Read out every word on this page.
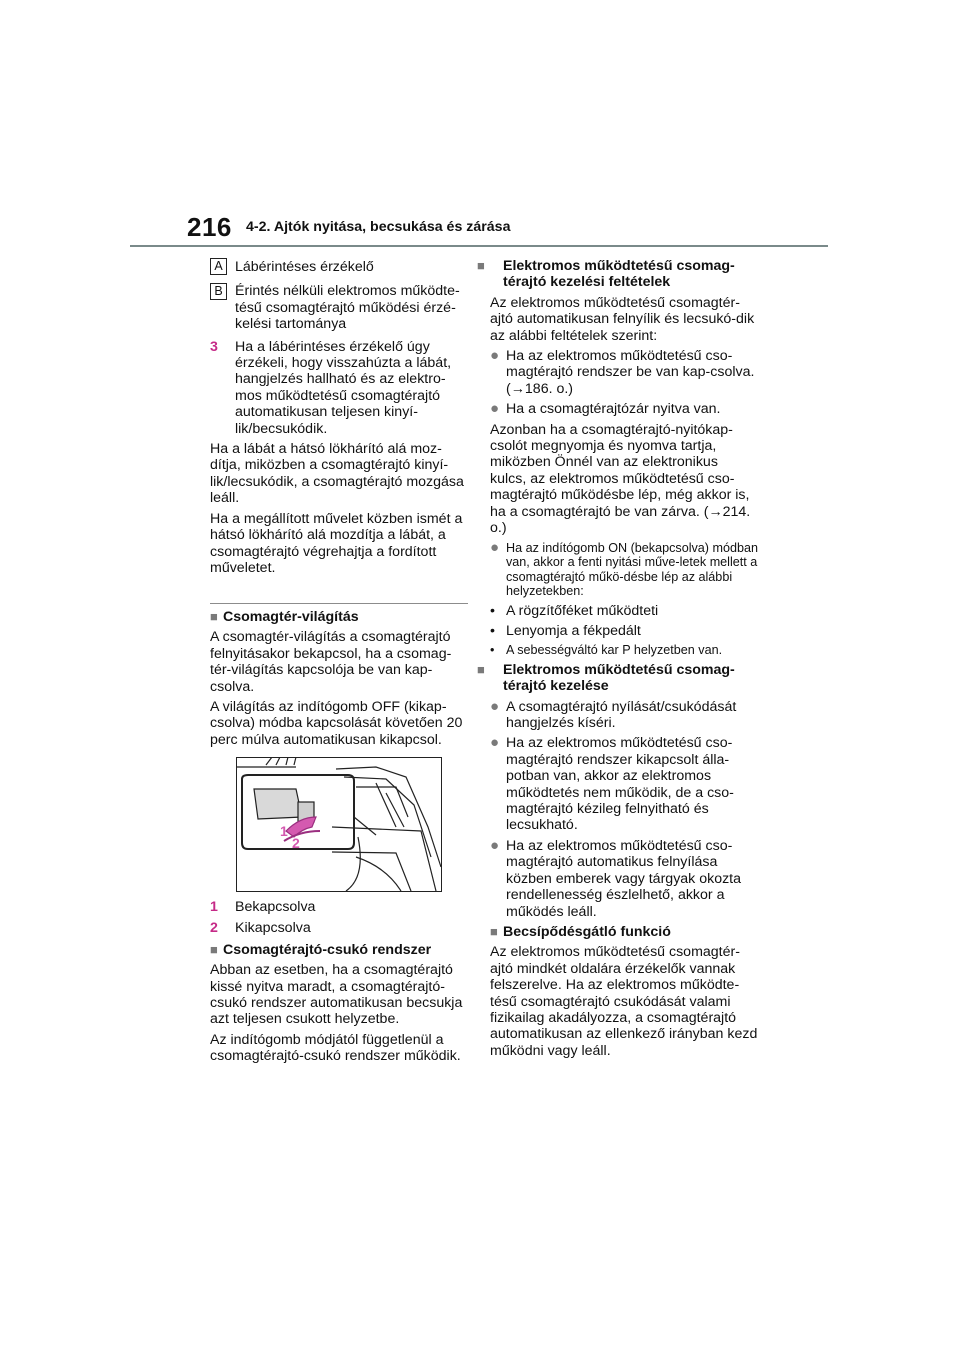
216 4-2. Ajtók nyitása, becsukása és zárása
A Lábérintéses érzékelő
B Érintés nélküli elektromos működte-tésű csomagtérajtó működési érzé-kelési tartománya
3 Ha a lábérintéses érzékelő úgy érzékeli, hogy visszahúzta a lábát, hangjelzés hallható és az elektro-mos működtetésű csomagtérajtó automatikusan teljesen kinyí-lik/becsukódik.

Ha a lábát a hátsó lökhárító alá moz-dítja, miközben a csomagtérajtó kinyí-lik/lecsukódik, a csomagtérajtó mozgása leáll.

Ha a megállított művelet közben ismét a hátsó lökhárító alá mozdítja a lábát, a csomagtérajtó végrehajtja a fordított műveletet.

■ Csomagtér-világítás

A csomagtér-világítás a csomagtérajtó felnyitásakor bekapcsol, ha a csomag-tér-világítás kapcsolója be van kap-csolva.

A világítás az indítógomb OFF (kikap-csolva) módba kapcsolását követően 20 perc múlva automatikusan kikapcsol.

1
2
1 Bekapcsolva
2 Kikapcsolva

■ Csomagtérajtó-csukó rendszer

Abban az esetben, ha a csomagtérajtó kissé nyitva maradt, a csomagtérajtó-csukó rendszer automatikusan becsukja azt teljesen csukott helyzetbe.

Az indítógomb módjától függetlenül a csomagtérajtó-csukó rendszer működik.

■ Elektromos működtetésű csomag-térajtó kezelési feltételek

Az elektromos működtetésű csomagtér-ajtó automatikusan felnyílik és lecsukó-dik az alábbi feltételek szerint:

● Ha az elektromos működtetésű cso-magtérajtó rendszer be van kap-csolva. (→186. o.)
● Ha a csomagtérajtózár nyitva van.

Azonban ha a csomagtérajtó-nyitókap-csolót megnyomja és nyomva tartja, miközben Önnél van az elektronikus kulcs, az elektromos működtetésű cso-magtérajtó működésbe lép, még akkor is, ha a csomagtérajtó be van zárva. (→214. o.)

● Ha az indítógomb ON (bekapcsolva) módban van, akkor a fenti nyitási műve-letek mellett a csomagtérajtó műkö-désbe lép az alábbi helyzetekben:
• A rögzítőféket működteti
• Lenyomja a fékpedált
• A sebességváltó kar P helyzetben van.

■ Elektromos működtetésű csomag-térajtó kezelése

● A csomagtérajtó nyílását/csukódását hangjelzés kíséri.
● Ha az elektromos működtetésű cso-magtérajtó rendszer kikapcsolt álla-potban van, akkor az elektromos működtetés nem működik, de a cso-magtérajtó kézileg felnyitható és lecsukható.
● Ha az elektromos működtetésű cso-magtérajtó automatikus felnyílása közben emberek vagy tárgyak okozta rendellenesség észlelhető, akkor a működés leáll.

■ Becsípődésgátló funkció

Az elektromos működtetésű csomagtér-ajtó mindkét oldalára érzékelők vannak felszerelve. Ha az elektromos működte-tésű csomagtérajtó csukódását valami fizikailag akadályozza, a csomagtérajtó automatikusan az ellenkező irányban kezd működni vagy leáll.
